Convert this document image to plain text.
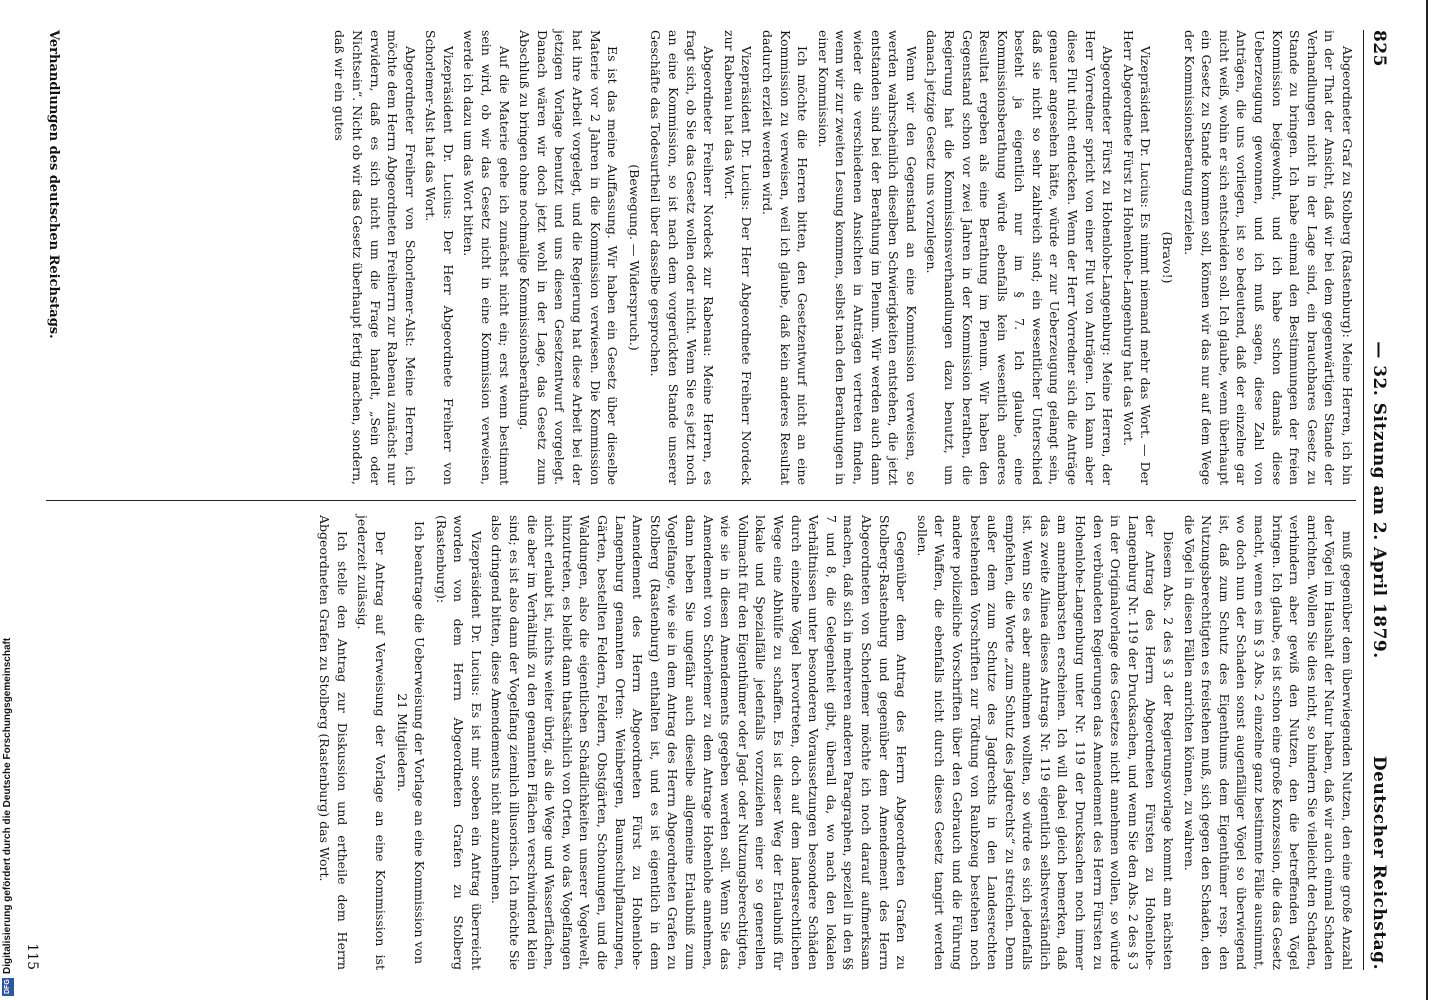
Digitalisierung gefördert durch die Deutsche Forschungsgemeinschaft
DFG
825
— 32. Sitzung am 2. April 1879.
Deutscher Reichstag.

Abgeordneter Graf zu Stolberg (Rastenburg): Meine Herren, ich bin in der That der Ansicht, daß wir bei dem gegenwärtigen Stande der Verhandlungen nicht in der Lage sind, ein brauchbares Gesetz zu Stande zu bringen. Ich habe einmal den Bestimmungen der freien Kommission beigewohnt, und ich habe schon damals diese Ueberzeugung gewonnen, und ich muß sagen, diese Zahl von Anträgen, die uns vorliegen, ist so bedeutend, daß der einzelne gar nicht weiß, wohin er sich entscheiden soll. Ich glaube, wenn überhaupt ein Gesetz zu Stande kommen soll, können wir das nur auf dem Wege der Kommissionsberatung erzielen.

(Bravo!)

Vizepräsident Dr. Lucius: Es nimmt niemand mehr das Wort. — Der Herr Abgeordnete Fürst zu Hohenlohe-Langenburg hat das Wort.

Abgeordneter Fürst zu Hohenlohe-Langenburg: Meine Herren, der Herr Vorredner spricht von einer Flut von Anträgen. Ich kann aber diese Flut nicht entdecken. Wenn der Herr Vorredner sich die Anträge genauer angesehen hätte, würde er zur Ueberzeugung gelangt sein, daß sie nicht so sehr zahlreich sind; ein wesentlicher Unterschied besteht ja eigentlich nur im § 7. Ich glaube, eine Kommissionsberathung würde ebenfalls kein wesentlich anderes Resultat ergeben als eine Berathung im Plenum. Wir haben den Gegenstand schon vor zwei Jahren in der Kommission berathen, die Regierung hat die Kommissionsverhandlungen dazu benutzt, um danach jetzige Gesetz uns vorzulegen.

Wenn wir den Gegenstand an eine Kommission verweisen, so werden wahrscheinlich dieselben Schwierigkeiten entstehen, die jetzt entstanden sind bei der Berathung im Plenum. Wir werden auch dann wieder die verschiedenen Ansichten in Anträgen vertreten finden, wenn wir zur zweiten Lesung kommen, selbst nach den Berathungen in einer Kommission.

Ich möchte die Herren bitten, den Gesetzentwurf nicht an eine Kommission zu verweisen, weil ich glaube, daß kein anderes Resultat dadurch erzielt werden wird.

Vizepräsident Dr. Lucius: Der Herr Abgeordnete Freiherr Nordeck zur Rabenau hat das Wort.

Abgeordneter Freiherr Nordeck zur Rabenau: Meine Herren, es fragt sich, ob Sie das Gesetz wollen oder nicht. Wenn Sie es jetzt noch an eine Kommission, so ist nach dem vorgerückten Stande unserer Geschäfte das Todesurtheil über dasselbe gesprochen.

(Bewegung. — Widerspruch.)

Es ist das meine Auffassung. Wir haben ein Gesetz über dieselbe Materie vor 2 Jahren in die Kommission verwiesen. Die Kommission hat ihre Arbeit vorgelegt, und die Regierung hat diese Arbeit bei der jetzigen Vorlage benutzt und uns diesen Gesetzentwurf vorgelegt. Danach wären wir doch jetzt wohl in der Lage, das Gesetz zum Abschluß zu bringen ohne nochmalige Kommissionsberathung.

Auf die Materie gehe ich zunächst nicht ein; erst wenn bestimmt sein wird, ob wir das Gesetz nicht in eine Kommission verweisen, werde ich dazu um das Wort bitten.

Vizepräsident Dr. Lucius: Der Herr Abgeordnete Freiherr von Schorlemer-Alst hat das Wort.

Abgeordneter Freiherr von Schorlemer-Alst: Meine Herren, ich möchte dem Herrn Abgeordneten Freiherrn zur Rabenau zunächst nur erwidern, daß es sich nicht um die Frage handelt, „Sein oder Nichtsein“. Nicht ob wir das Gesetz überhaupt fertig machen, sondern, daß wir ein gutes

muß gegenüber dem überwiegenden Nutzen, den eine große Anzahl der Vögel im Haushalt der Natur haben, daß wir auch einmal Schaden anrichten. Wollen Sie dies nicht, so hindern Sie vielleicht den Schaden, verhindern aber gewiß den Nutzen, den die betreffenden Vögel bringen. Ich glaube, es ist schon eine große Konzession, die das Gesetz macht, wenn es im § 3 Abs. 2 einzelne ganz bestimmte Fälle ausnimmt, wo doch nun der Schaden sonst augenfälliger Vögel so überwiegend ist, daß zum Schutz des Eigenthums dem Eigenthümer resp. den Nutzungsberechtigten es freistehen muß, sich gegen den Schaden, den die Vögel in diesen Fällen anrichten können, zu wahren.

Diesem Abs. 2 des § 3 der Regierungsvorlage kommt am nächsten der Antrag des Herrn Abgeordneten Fürsten zu Hohenlohe-Langenburg Nr. 119 der Drucksachen, und wenn Sie den Abs. 2 des § 3 in der Originalvorlage des Gesetzes nicht annehmen wollen, so würde den verbündeten Regierungen das Amendement des Herrn Fürsten zu Hohenlohe-Langenburg unter Nr. 119 der Drucksachen noch immer am annehmbarsten erscheinen. Ich will dabei gleich bemerken, daß das zweite Alinea dieses Antrags Nr. 119 eigentlich selbstverständlich ist. Wenn Sie es aber annehmen wollten, so würde es sich jedenfalls empfehlen, die Worte „zum Schutz des Jagdrechts“ zu streichen. Denn außer dem zum Schutze des Jagdrechts in den Landesrechten bestehenden Vorschriften zur Tödtung von Raubzeug bestehen noch andere polizeiliche Vorschriften über den Gebrauch und die Führung der Waffen, die ebenfalls nicht durch dieses Gesetz tangirt werden sollen.

Gegenüber dem Antrag des Herrn Abgeordneten Grafen zu Stolberg-Rastenburg und gegenüber dem Amendement des Herrn Abgeordneten von Schorlemer möchte ich noch darauf aufmerksam machen, daß sich in mehreren anderen Paragraphen, speziell in den §§ 7 und 8, die Gelegenheit gibt, überall da, wo nach den lokalen Verhältnissen unter besonderen Voraussetzungen besondere Schäden durch einzelne Vögel hervortreten, doch auf dem landesrechtlichen Wege eine Abhülfe zu schaffen. Es ist dieser Weg der Erlaubniß für lokale und Spezialfälle jedenfalls vorzuziehen einer so generellen Vollmacht für den Eigenthümer oder Jagd- oder Nutzungsberechtigten, wie sie in diesen Amendements gegeben werden soll. Wenn Sie das Amendement von Schorlemer zu dem Antrage Hohenlohe annehmen, dann heben Sie ungefähr auch dieselbe allgemeine Erlaubniß zum Vogelfange, wie sie in dem Antrag des Herrn Abgeordneten Grafen zu Stolberg (Rastenburg) enthalten ist, und es ist eigentlich in dem Amendement des Herrn Abgeordneten Fürst zu Hohenlohe-Langenburg genannten Orten: Weinbergen, Baumschulpflanzungen, Gärten, bestellten Feldern, Feldern, Obstgärten, Schonungen, und die Waldungen, also die eigentlichen Schädlichkeiten unserer Vogelwelt, hinzutreten, es bleibt dann thatsächlich von Orten, wo das Vogelfangen nicht erlaubt ist, nichts weiter übrig, als die Wege und Wasserflächen, die aber im Verhältniß zu den genannten Flächen verschwindend klein sind; es ist also dann der Vogelfang ziemlich illusorisch. Ich möchte Sie also dringend bitten, diese Amendements nicht anzunehmen.

Vizepräsident Dr. Lucius: Es ist mir soeben ein Antrag überreicht worden von dem Herrn Abgeordneten Grafen zu Stolberg (Rastenburg):

Ich beantrage die Ueberweisung der Vorlage an eine Kommission von 21 Mitgliedern.

Der Antrag auf Verweisung der Vorlage an eine Kommission ist jederzeit zulässig.

Ich stelle den Antrag zur Diskussion und ertheile dem Herrn Abgeordneten Grafen zu Stolberg (Rastenburg) das Wort.

Verhandlungen des deutschen Reichstags.
115
